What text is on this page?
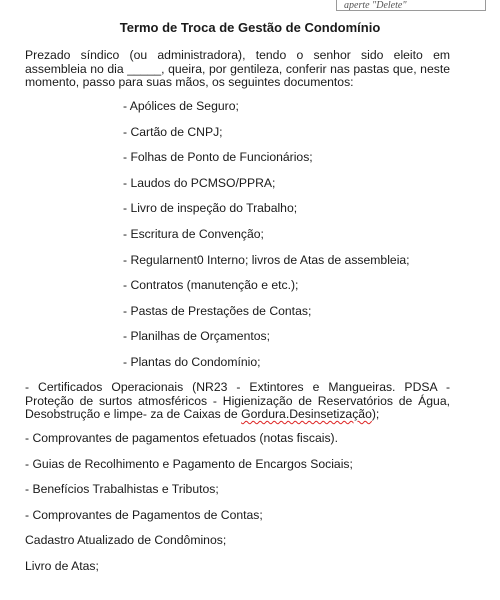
aperte "Delete"
Termo de Troca de Gestão de Condomínio

Prezado síndico (ou administradora), tendo o senhor sido eleito em assembleia no dia _____, queira, por gentileza, conferir nas pastas que, neste momento, passo para suas mãos, os seguintes documentos:

- Apólices de Seguro;
- Cartão de CNPJ;
- Folhas de Ponto de Funcionários;
- Laudos do PCMSO/PPRA;
- Livro de inspeção do Trabalho;
- Escritura de Convenção;
- Regularnent0 Interno; livros de Atas de assembleia;
- Contratos (manutenção e etc.);
- Pastas de Prestações de Contas;
- Planilhas de Orçamentos;
- Plantas do Condomínio;

- Certificados Operacionais (NR23 - Extintores e Mangueiras. PDSA - Proteção de surtos atmosféricos - Higienização de Reservatórios de Água, Desobstrução e limpe- za de Caixas de Gordura.Desinsetização);

- Comprovantes de pagamentos efetuados (notas fiscais).

- Guias de Recolhimento e Pagamento de Encargos Sociais;

- Benefícios Trabalhistas e Tributos;

- Comprovantes de Pagamentos de Contas;

Cadastro Atualizado de Condôminos;

Livro de Atas;
